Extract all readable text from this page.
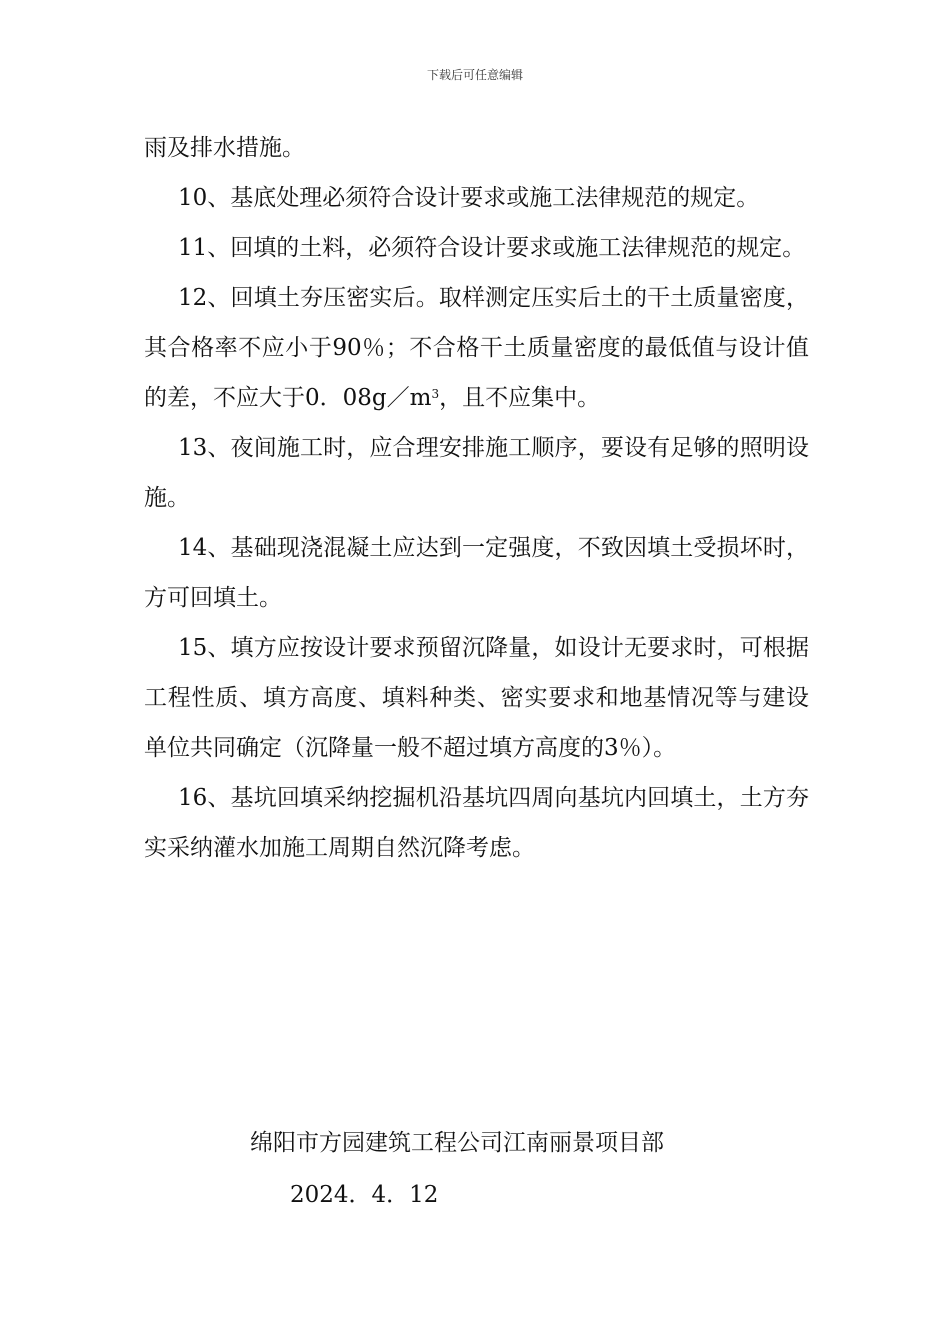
下载后可任意编辑

雨及排水措施。

10、基底处理必须符合设计要求或施工法律规范的规定。

11、回填的土料，必须符合设计要求或施工法律规范的规定。

12、回填土夯压密实后。取样测定压实后土的干土质量密度，其合格率不应小于90％；不合格干土质量密度的最低值与设计值的差，不应大于0．$08g/m^3$，且不应集中。

13、夜间施工时，应合理安排施工顺序，要设有足够的照明设施。

14、基础现浇混凝土应达到一定强度，不致因填土受损坏时，方可回填土。

15、填方应按设计要求预留沉降量，如设计无要求时，可根据工程性质、填方高度、填料种类、密实要求和地基情况等与建设单位共同确定（沉降量一般不超过填方高度的3％）。

16、基坑回填采纳挖掘机沿基坑四周向基坑内回填土，土方夯实采纳灌水加施工周期自然沉降考虑。

绵阳市方园建筑工程公司江南丽景项目部
2024．4．12
